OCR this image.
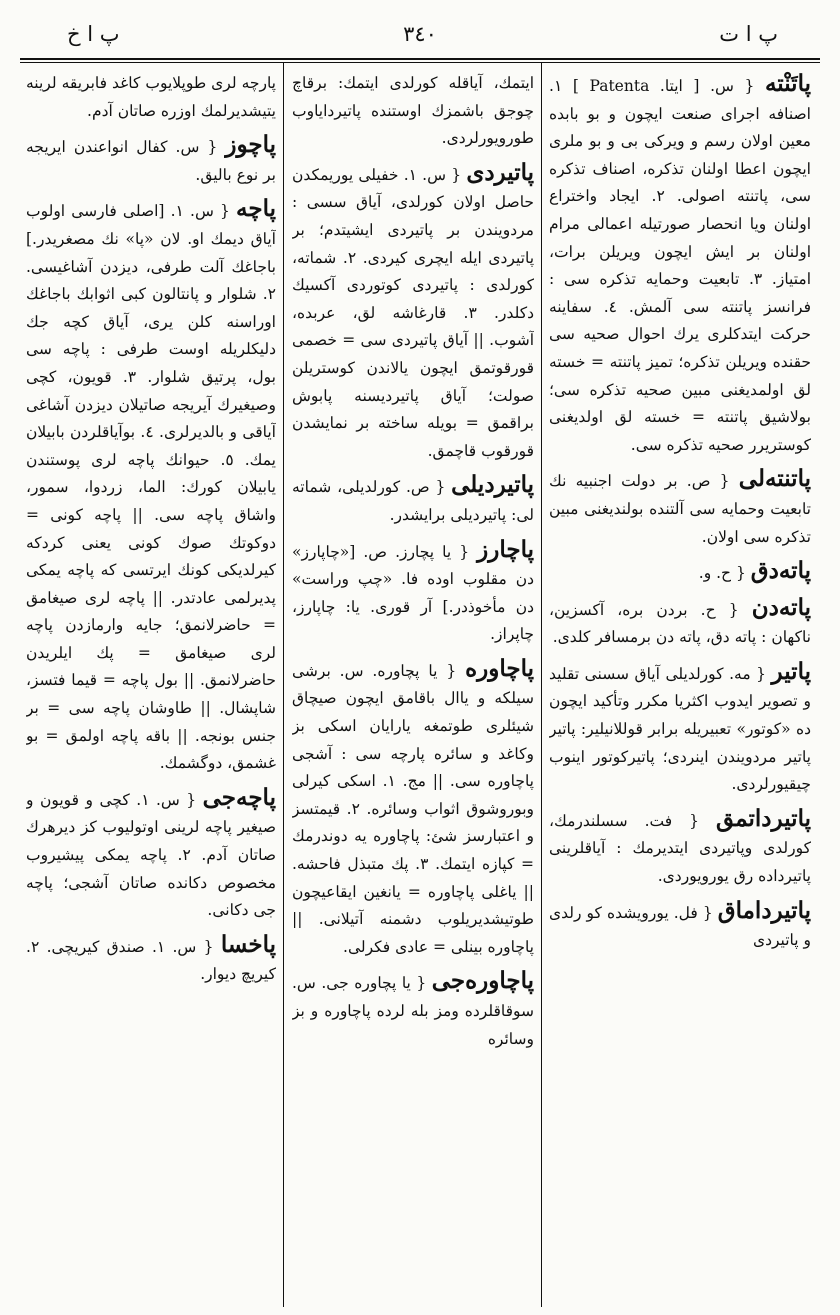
پ ا ت
٣٤٠
پ ا خ
پاتَنْته { س. [ ايتا. Patenta ] ١. اصنافه اجراى صنعت ايچون و بو بابده معين اولان رسم و ويركى بى و بو ملرى ايچون اعطا اولنان تذكره، اصناف تذكره سى، پاتنته اصولى. ٢. ايجاد واختراع اولنان ويا انحصار صورتيله اعمالى مرام اولنان بر ايش ايچون ويريلن برات، امتياز. ٣. تابعيت وحمايه تذكره سى : فرانسز پاتنته سى آلمش. ٤. سفاينه حركت ايتدكلرى يرك احوال صحيه سى حقنده ويريلن تذكره؛ تميز پاتنته = خسته لق اولمديغنى مبين صحيه تذكره سى؛ بولاشيق پاتنته = خسته لق اولديغنى كوستريرر صحيه تذكره سى.
پاتنته‌لى { ص. بر دولت اجنبيه نك تابعيت وحمايه سى آلتنده بولنديغنى مبين تذكره سى اولان.
پاته‌دق { ح. و.
پاته‌دن { ح. بردن بره، آكسزين، ناكهان : پاته دق، پاته دن برمسافر كلدى.
پاتير { مه. كورلديلى آياق سسنى تقليد و تصوير ايدوب اكثريا مكرر وتأكيد ايچون ده «كوتور» تعبيريله برابر قوللانيلير: پاتير پاتير مردويندن اينردى؛ پاتيركوتور اينوب چيقيورلردى.
پاتيرداتمق { فت. سسلندرمك، كورلدى وپاتيردى ايتديرمك : آياقلرينى پاتيرداده رق يورويوردى.
پاتيرداماق { فل. يورويشده كو رلدى و پاتيردى
ايتمك، آياقله كورلدى ايتمك: برقاچ چوجق باشمزك اوستنده پاتيرداياوب طورويورلردى.
پاتيردى { س. ١. خفيلى يوريمكدن حاصل اولان كورلدى، آياق سسى : مردويندن بر پاتيردى ايشيتدم؛ بر پاتيردى ايله ايچرى كيردى. ٢. شماته، كورلدى : پاتيردى كوتوردى آكسيك دكلدر. ٣. قارغاشه لق، عربده، آشوب. || آياق پاتيردى سى = خصمى قورقوتمق ايچون يالاندن كوستريلن صولت؛ آياق پاتيرديسنه پابوش براقمق = بويله ساخته بر نمايشدن قورقوب قاچمق.
پاتيرديلى { ص. كورلديلى، شماته لى: پاتيرديلى برايشدر.
پاچارز { يا پچارز. ص. [«چاپارز» دن مقلوب اوده فا. «چپ وراست» دن مأخوذدر.] آر قورى. يا: چاپارز، چاپراز.
پاچاوره { يا پچاوره. س. برشى سيلكه و ياال باقامق ايچون صيچاق شيئلرى طوتمغه يارايان اسكى بز وكاغد و سائره پارچه سى : آشجى پاچاوره سى. || مج. ١. اسكى كيرلى وبوروشوق اثواب وسائره. ٢. قيمتسز و اعتبارسز شئ: پاچاوره يه دوندرمك = كپازه ايتمك. ٣. پك متبذل فاحشه. || ياغلى پاچاوره = يانغين ايقاعيچون طوتيشديريلوب دشمنه آتيلانى. || پاچاوره بينلى = عادى فكرلى.
پاچاوره‌جى { يا پچاوره جى. س. سوقاقلرده ومز بله لرده پاچاوره و بز وسائره
پارچه لرى طوپلايوب كاغد فابريقه لرينه يتيشديرلمك اوزره صاتان آدم.
پاچوز { س. كفال انواعندن ايريجه بر نوع باليق.
پاچه { س. ١. [اصلى فارسى اولوب آياق ديمك او. لان «پا» نك مصغريدر.] باجاغك آلت طرفى، ديزدن آشاغيسى. ٢. شلوار و پانتالون كبى اثوابك باجاغك اوراسنه كلن يرى، آياق كچه جك دليكلريله اوست طرفى : پاچه سى بول، پرتيق شلوار. ٣. قويون، كچى وصيغيرك آيريجه صاتيلان ديزدن آشاغى آياقى و بالديرلرى. ٤. بوآياقلردن بابيلان يمك. ٥. حيوانك پاچه لرى پوستندن يابيلان كورك: الما، زردوا، سمور، واشاق پاچه سى. || پاچه كونى = دوكوتك صوك كونى يعنى كردكه كيرلديكى كونك ايرتسى كه پاچه يمكى پديرلمى عادتدر. || پاچه لرى صيغامق = حاضرلانمق؛ جايه وارمازدن پاچه لرى صيغامق = پك ايلريدن حاضرلانمق. || بول پاچه = قيما فتسز، شاپشال. || طاوشان پاچه سى = بر جنس بونجه. || باقه پاچه اولمق = بو غشمق، دوگشمك.
پاچه‌جى { س. ١. كچى و قويون و صيغير پاچه لرينى اوتوليوب كز ديرهرك صاتان آدم. ٢. پاچه يمكى پيشيروب مخصوص دكانده صاتان آشجى؛ پاچه جى دكانى.
پاخسا { س. ١. صندق كيريچى. ٢. كيريچ ديوار.
